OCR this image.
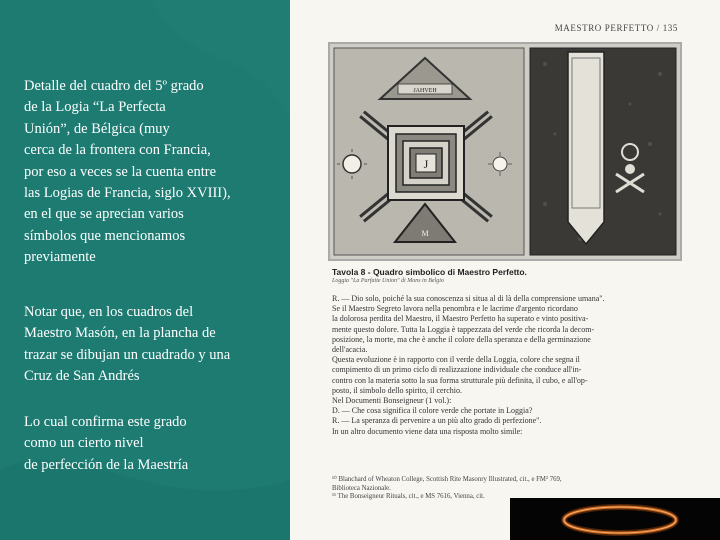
Detalle del cuadro del 5º grado
de la Logia “La Perfecta
Unión”, de Bélgica (muy
cerca de la frontera con Francia,
por eso a veces se la cuenta entre
las Logias de Francia, siglo XVIII),
en el que se aprecian varios
símbolos que mencionamos
previamente
Notar que, en los cuadros del
Maestro Masón, en la plancha de
trazar se dibujan un cuadrado y una
Cruz de San Andrés
Lo cual confirma este grado
como un cierto nivel
de perfección de la Maestría
MAESTRO PERFETTO / 135
JAHVEH
J
M
Tavola 8 - Quadro simbolico di Maestro Perfetto.
Loggia "La Parfaite Union" di Mons in Belgio
R. — Dio solo, poiché la sua conoscenza si situa al di là della comprensione umana".
Se il Maestro Segreto lavora nella penombra e le lacrime d'argento ricordano
la dolorosa perdita del Maestro, il Maestro Perfetto ha superato e vinto positiva-
mente questo dolore. Tutta la Loggia è tappezzata del verde che ricorda la decom-
posizione, la morte, ma che è anche il colore della speranza e della germinazione
dell'acacia.
Questa evoluzione è in rapporto con il verde della Loggia, colore che segna il
compimento di un primo ciclo di realizzazione individuale che conduce all'in-
contro con la materia sotto la sua forma strutturale più definita, il cubo, e all'op-
posto, il simbolo dello spirito, il cerchio.
Nel Documenti Bonseigneur (1 vol.):
D. — Che cosa significa il colore verde che portate in Loggia?
R. — La speranza di pervenire a un più alto grado di perfezione".
In un altro documento viene data una risposta molto simile:
¹⁰ Blanchard of Wheaton College, Scottish Rite Masonry Illustrated, cit., e FM² 769,
Biblioteca Nazionale.
¹¹ The Bonseigneur Rituals, cit., e MS 7616, Vienna, cit.
